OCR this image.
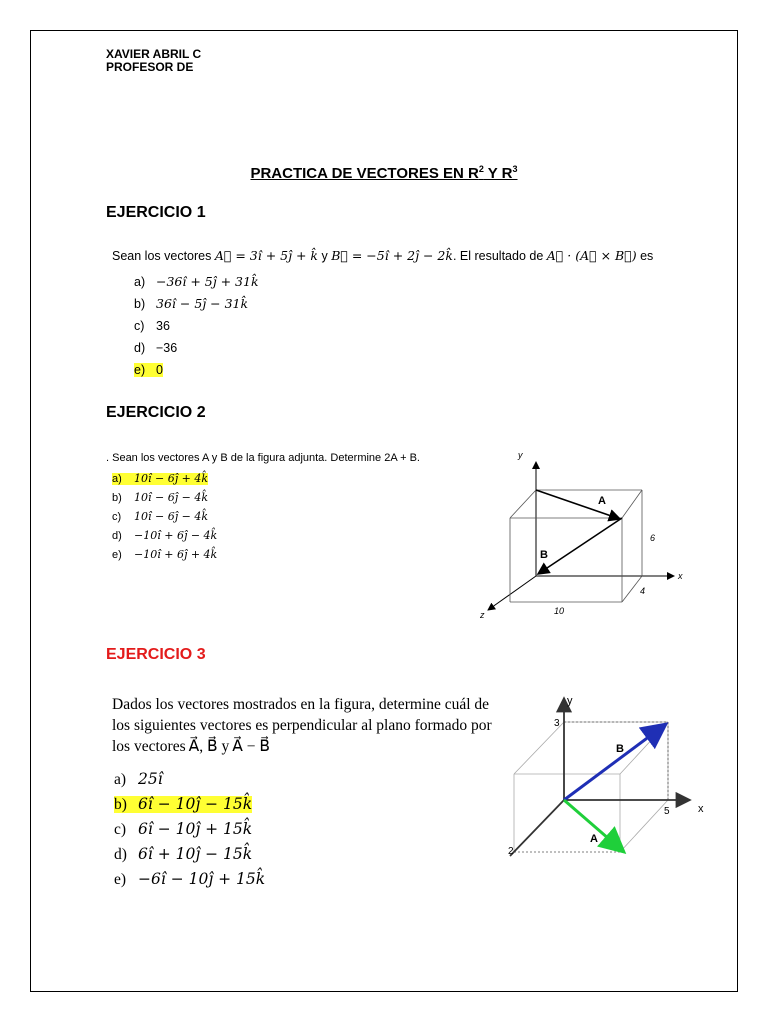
XAVIER ABRIL C
PROFESOR DE
PRACTICA DE VECTORES EN $R^2$ Y $R^3$
EJERCICIO 1
Sean los vectores A⃗ = 3î + 5ĵ + k̂ y B⃗ = −5î + 2ĵ − 2k̂. El resultado de A⃗ · (A⃗ × B⃗) es
a) −36î + 5ĵ + 31k̂
b) 36î − 5ĵ − 31k̂
c) 36
d) −36
e) 0
EJERCICIO 2
. Sean los vectores A y B de la figura adjunta. Determine 2A + B.
a) 10î − 6ĵ + 4k̂
b) 10î − 6ĵ − 4k̂
c) 10î − 6ĵ − 4k̂
d) −10î + 6ĵ − 4k̂
e) −10î + 6ĵ + 4k̂
A
B
y
x
z
6
10
4
EJERCICIO 3
Dados los vectores mostrados en la figura, determine cuál de los siguientes vectores es perpendicular al plano formado por los vectores A⃗, B⃗ y A⃗ − B⃗
a) 25î
b) 6î − 10ĵ − 15k̂
c) 6î − 10ĵ + 15k̂
d) 6î + 10ĵ − 15k̂
e) −6î − 10ĵ + 15k̂
B
A
y
x
3
5
2
